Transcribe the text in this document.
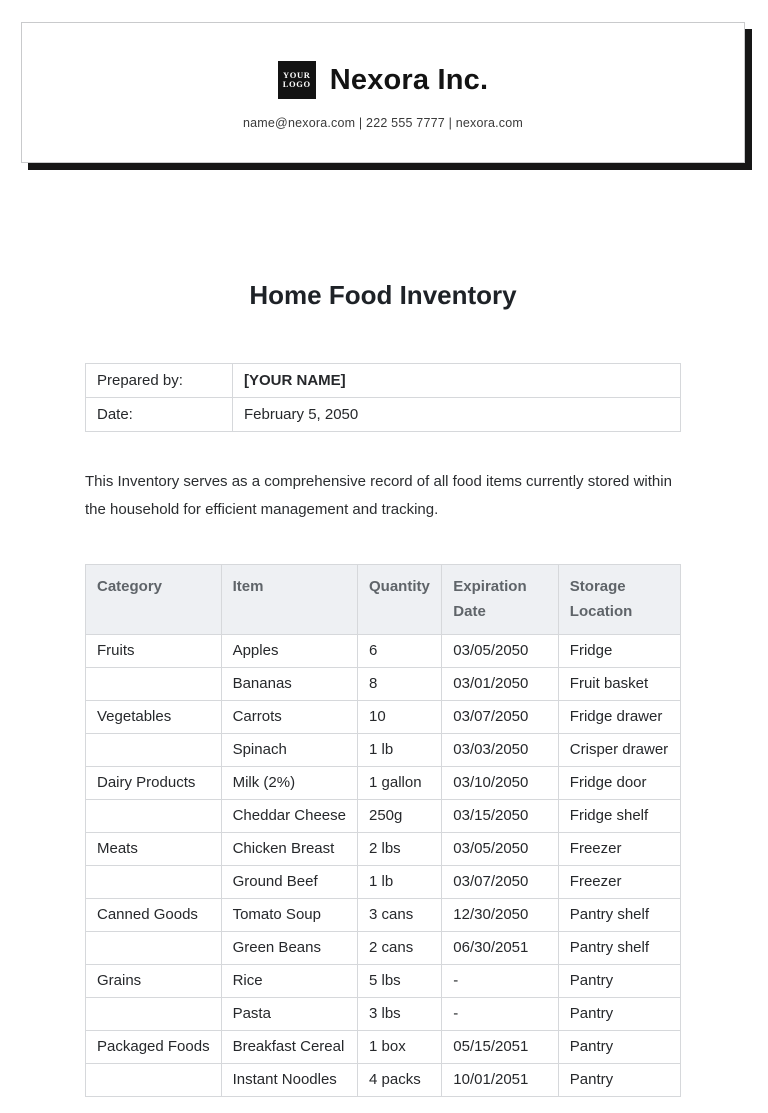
YOUR
LOGO Nexora Inc.
name@nexora.com | 222 555 7777 | nexora.com
Home Food Inventory
Prepared by:	[YOUR NAME]
Date:	February 5, 2050

This Inventory serves as a comprehensive record of all food items currently stored within the household for efficient management and tracking.

Category	Item	Quantity	Expiration Date	Storage Location
Fruits	Apples	6	03/05/2050	Fridge
	Bananas	8	03/01/2050	Fruit basket
Vegetables	Carrots	10	03/07/2050	Fridge drawer
	Spinach	1 lb	03/03/2050	Crisper drawer
Dairy Products	Milk (2%)	1 gallon	03/10/2050	Fridge door
	Cheddar Cheese	250g	03/15/2050	Fridge shelf
Meats	Chicken Breast	2 lbs	03/05/2050	Freezer
	Ground Beef	1 lb	03/07/2050	Freezer
Canned Goods	Tomato Soup	3 cans	12/30/2050	Pantry shelf
	Green Beans	2 cans	06/30/2051	Pantry shelf
Grains	Rice	5 lbs	-	Pantry
	Pasta	3 lbs	-	Pantry
Packaged Foods	Breakfast Cereal	1 box	05/15/2051	Pantry
	Instant Noodles	4 packs	10/01/2051	Pantry
